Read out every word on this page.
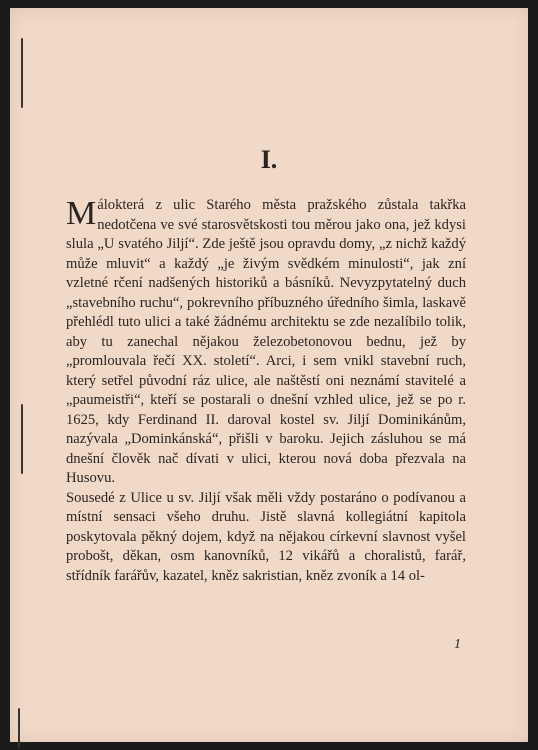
I.

Málokterá z ulic Starého města pražského zůstala takřka nedotčena ve své starosvětskosti tou měrou jako ona, jež kdysi slula „U svatého Jiljí“. Zde ještě jsou opravdu domy, „z nichž každý může mluvit“ a každý „je živým svědkém minulosti“, jak zní vzletné rčení nadšených historiků a básníků. Nevyzpytatelný duch „stavebního ruchu“, pokrevního příbuzného úředního šimla, laskavě přehlédl tuto ulici a také žádnému architektu se zde nezalíbilo tolik, aby tu zanechal nějakou železobetonovou bednu, jež by „promlouvala řečí XX. století“. Arci, i sem vnikl stavební ruch, který setřel původní ráz ulice, ale naštěstí oni neznámí stavitelé a „paumeistři“, kteří se postarali o dnešní vzhled ulice, jež se po r. 1625, kdy Ferdinand II. daroval kostel sv. Jiljí Dominikánům, nazývala „Dominkánská“, přišli v baroku. Jejich zásluhou se má dnešní člověk nač dívati v ulici, kterou nová doba přezvala na Husovu.

Sousedé z Ulice u sv. Jiljí však měli vždy postaráno o podívanou a místní sensaci všeho druhu. Jistě slavná kollegiátní kapitola poskytovala pěkný dojem, když na nějakou církevní slavnost vyšel probošt, děkan, osm kanovníků, 12 vikářů a choralistů, farář, střídník farářův, kazatel, kněz sakristian, kněz zvoník a 14 ol-

1
